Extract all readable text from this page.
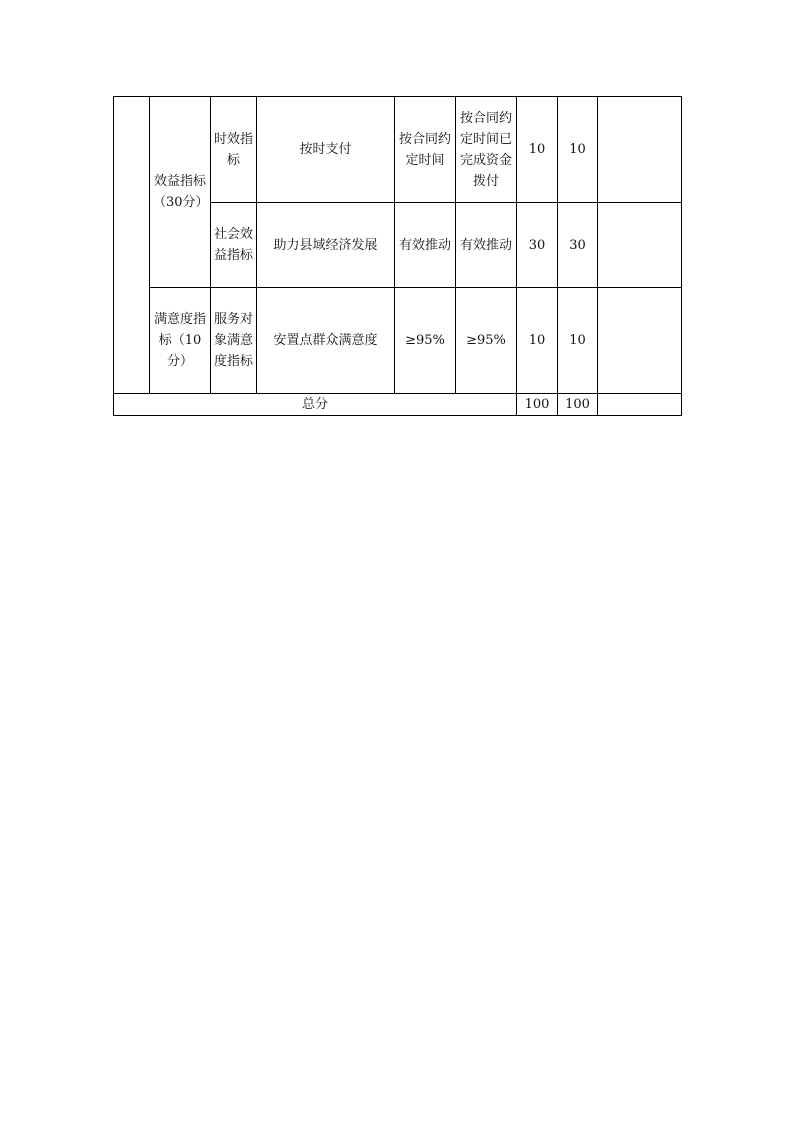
	效益指标（30分）	时效指标	按时支付	按合同约定时间	按合同约定时间已完成资金拨付	10	10	
		社会效益指标	助力县域经济发展	有效推动	有效推动	30	30	
	满意度指标（10分）	服务对象满意度指标	安置点群众满意度	≥95%	≥95%	10	10	
总分						100	100	
